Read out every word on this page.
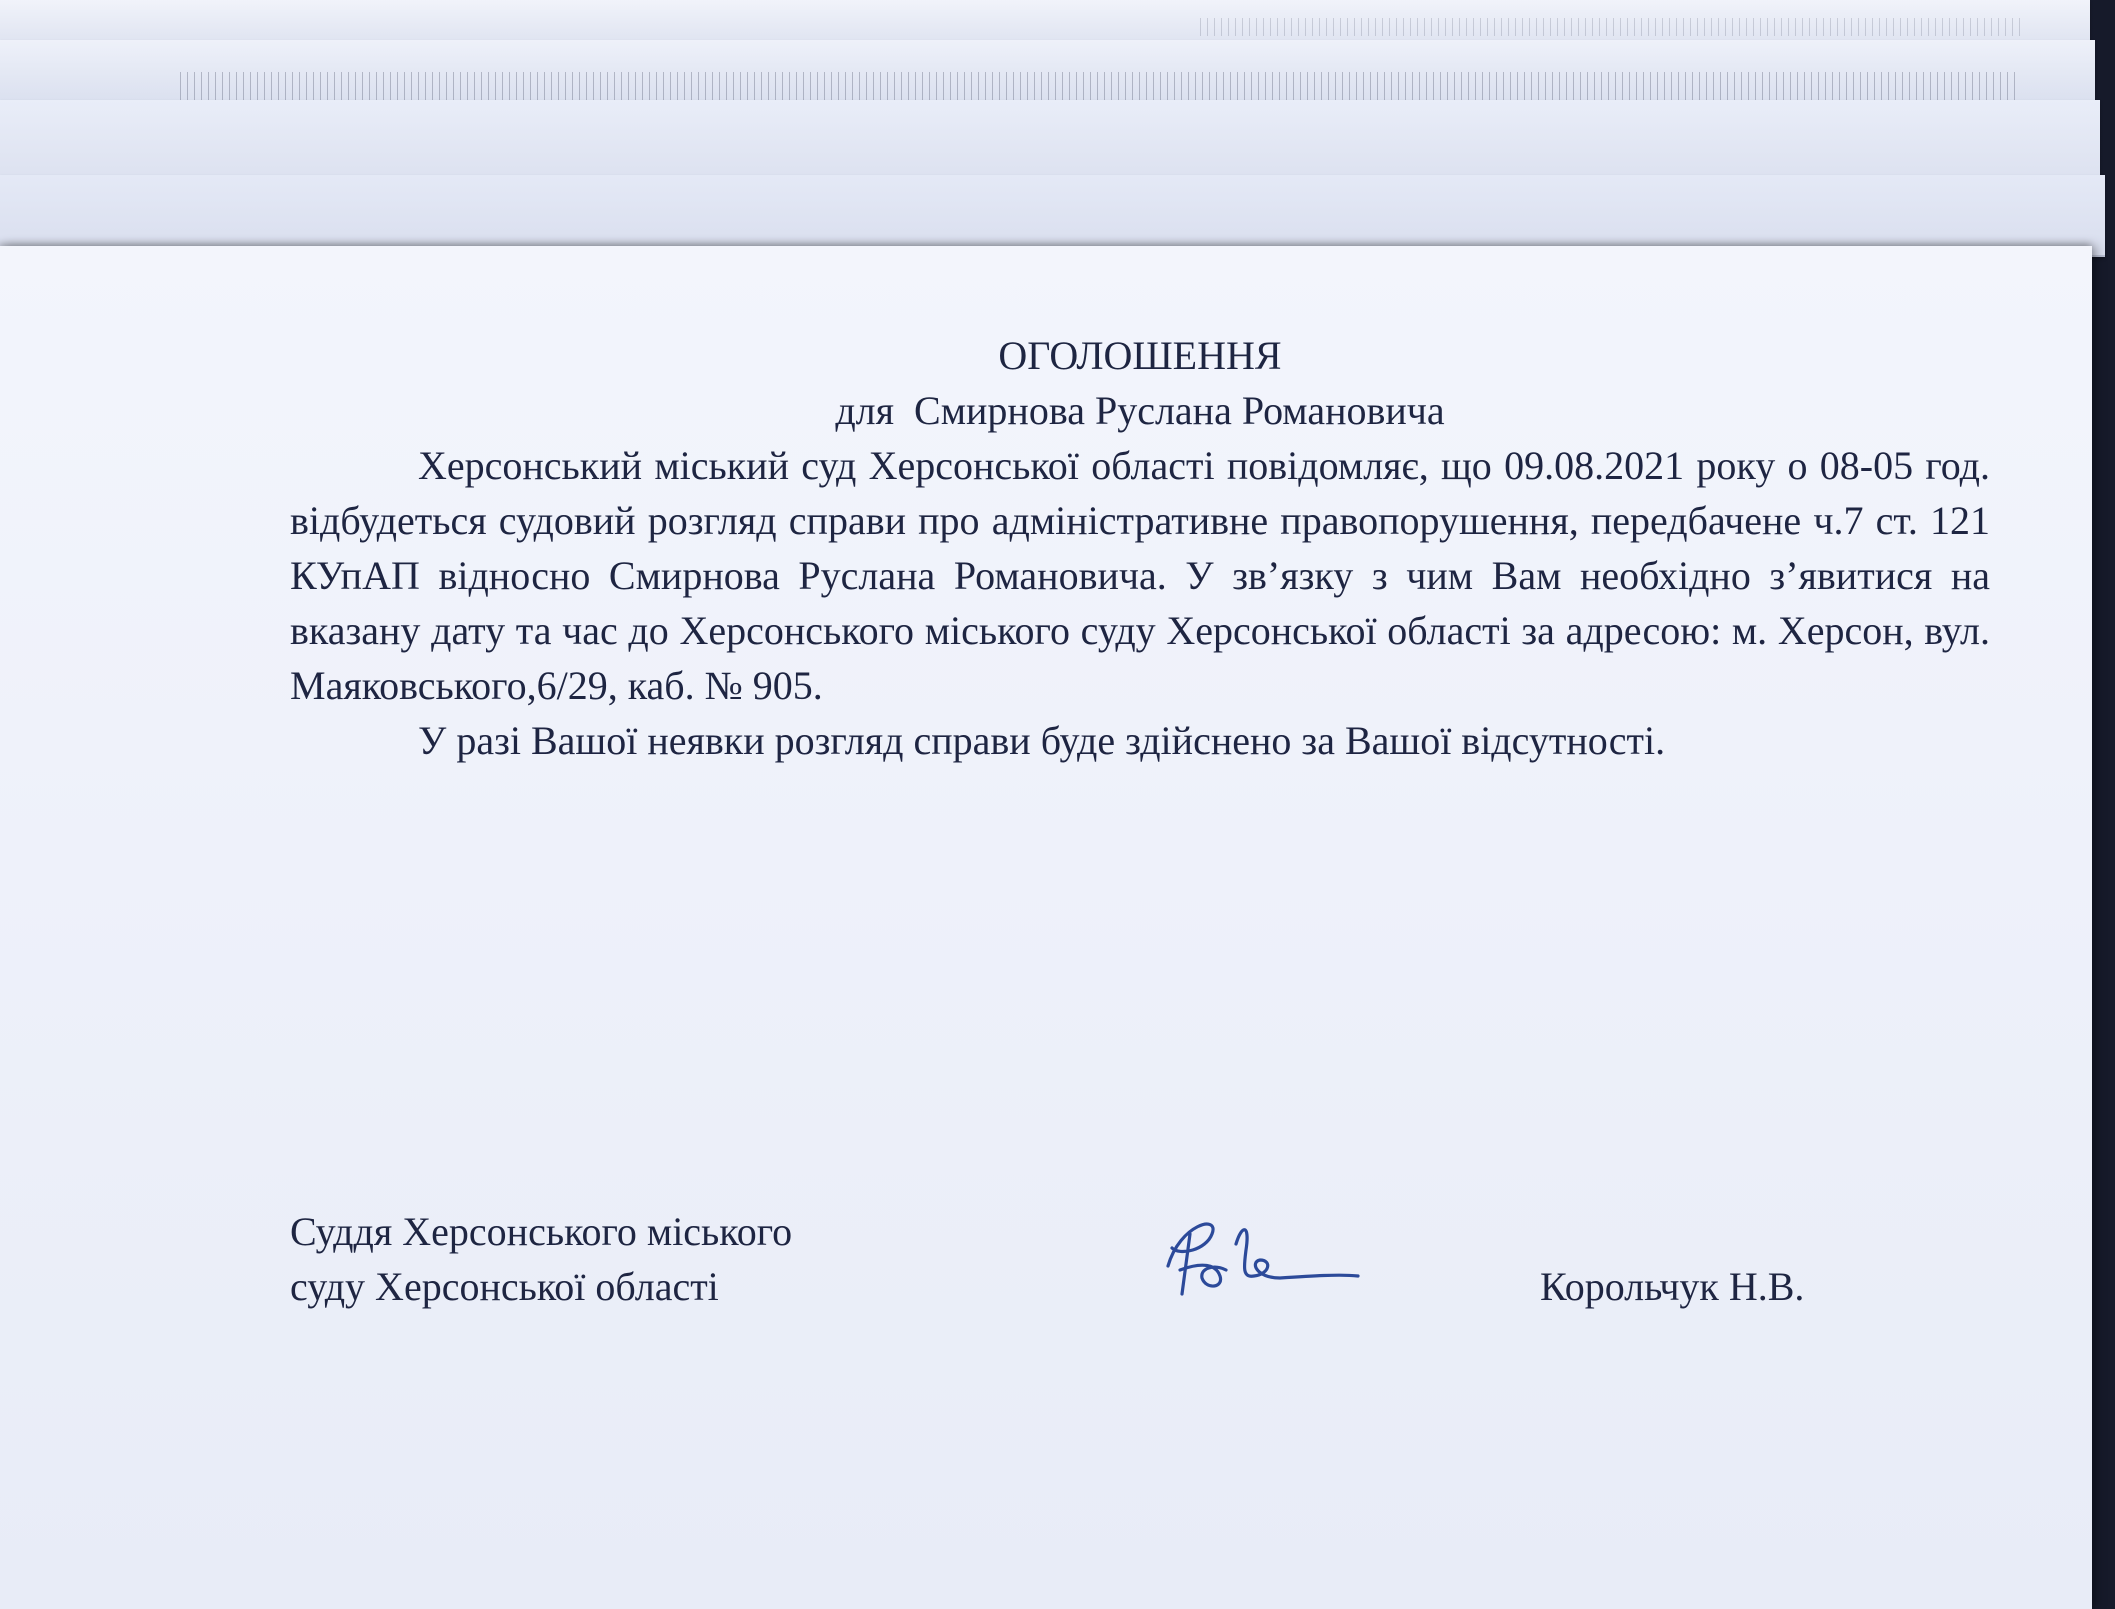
ОГОЛОШЕННЯ

для  Смирнова Руслана Романовича

Херсонський міський суд Херсонської області повідомляє, що 09.08.2021 року о 08-05 год. відбудеться судовий розгляд справи про адміністративне правопорушення, передбачене ч.7 ст. 121 КУпАП відносно Смирнова Руслана Романовича. У зв’язку з чим Вам необхідно з’явитися на вказану дату та час до Херсонського міського суду Херсонської області за адресою: м. Херсон, вул. Маяковського,6/29, каб. № 905.

У разі Вашої неявки розгляд справи буде здійснено за Вашої відсутності.

Суддя Херсонського міського
суду Херсонської області	Корольчук Н.В.
